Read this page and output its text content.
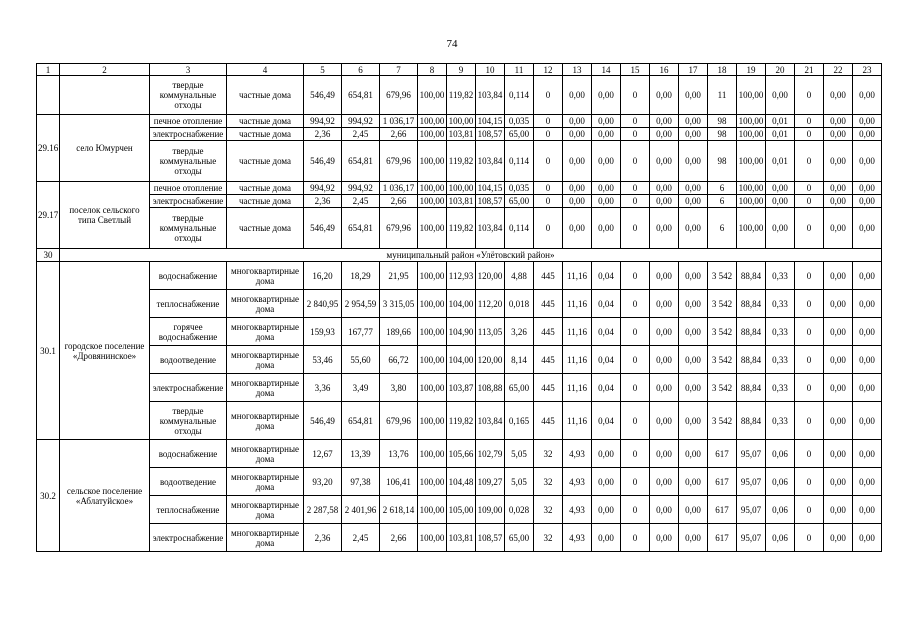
74
1	2	3	4	5	6	7	8	9	10	11	12	13	14	15	16	17	18	19	20	21	22	23
		твердые коммунальные отходы	частные дома	546,49	654,81	679,96	100,00	119,82	103,84	0,114	0	0,00	0,00	0	0,00	0,00	11	100,00	0,00	0	0,00	0,00
29.16	село Юмурчен	печное отопление	частные дома	994,92	994,92	1 036,17	100,00	100,00	104,15	0,035	0	0,00	0,00	0	0,00	0,00	98	100,00	0,01	0	0,00	0,00
		электроснабжение	частные дома	2,36	2,45	2,66	100,00	103,81	108,57	65,00	0	0,00	0,00	0	0,00	0,00	98	100,00	0,01	0	0,00	0,00
		твердые коммунальные отходы	частные дома	546,49	654,81	679,96	100,00	119,82	103,84	0,114	0	0,00	0,00	0	0,00	0,00	98	100,00	0,01	0	0,00	0,00
29.17	поселок сельского типа Светлый	печное отопление	частные дома	994,92	994,92	1 036,17	100,00	100,00	104,15	0,035	0	0,00	0,00	0	0,00	0,00	6	100,00	0,00	0	0,00	0,00
		электроснабжение	частные дома	2,36	2,45	2,66	100,00	103,81	108,57	65,00	0	0,00	0,00	0	0,00	0,00	6	100,00	0,00	0	0,00	0,00
		твердые коммунальные отходы	частные дома	546,49	654,81	679,96	100,00	119,82	103,84	0,114	0	0,00	0,00	0	0,00	0,00	6	100,00	0,00	0	0,00	0,00
30	муниципальный район «Улётовский район»																					
30.1	городское поселение «Дровянинское»	водоснабжение	многоквартирные дома	16,20	18,29	21,95	100,00	112,93	120,00	4,88	445	11,16	0,04	0	0,00	0,00	3 542	88,84	0,33	0	0,00	0,00
		теплоснабжение	многоквартирные дома	2 840,95	2 954,59	3 315,05	100,00	104,00	112,20	0,018	445	11,16	0,04	0	0,00	0,00	3 542	88,84	0,33	0	0,00	0,00
		горячее водоснабжение	многоквартирные дома	159,93	167,77	189,66	100,00	104,90	113,05	3,26	445	11,16	0,04	0	0,00	0,00	3 542	88,84	0,33	0	0,00	0,00
		водоотведение	многоквартирные дома	53,46	55,60	66,72	100,00	104,00	120,00	8,14	445	11,16	0,04	0	0,00	0,00	3 542	88,84	0,33	0	0,00	0,00
		электроснабжение	многоквартирные дома	3,36	3,49	3,80	100,00	103,87	108,88	65,00	445	11,16	0,04	0	0,00	0,00	3 542	88,84	0,33	0	0,00	0,00
		твердые коммунальные отходы	многоквартирные дома	546,49	654,81	679,96	100,00	119,82	103,84	0,165	445	11,16	0,04	0	0,00	0,00	3 542	88,84	0,33	0	0,00	0,00
30.2	сельское поселение «Аблатуйское»	водоснабжение	многоквартирные дома	12,67	13,39	13,76	100,00	105,66	102,79	5,05	32	4,93	0,00	0	0,00	0,00	617	95,07	0,06	0	0,00	0,00
		водоотведение	многоквартирные дома	93,20	97,38	106,41	100,00	104,48	109,27	5,05	32	4,93	0,00	0	0,00	0,00	617	95,07	0,06	0	0,00	0,00
		теплоснабжение	многоквартирные дома	2 287,58	2 401,96	2 618,14	100,00	105,00	109,00	0,028	32	4,93	0,00	0	0,00	0,00	617	95,07	0,06	0	0,00	0,00
		электроснабжение	многоквартирные дома	2,36	2,45	2,66	100,00	103,81	108,57	65,00	32	4,93	0,00	0	0,00	0,00	617	95,07	0,06	0	0,00	0,00
